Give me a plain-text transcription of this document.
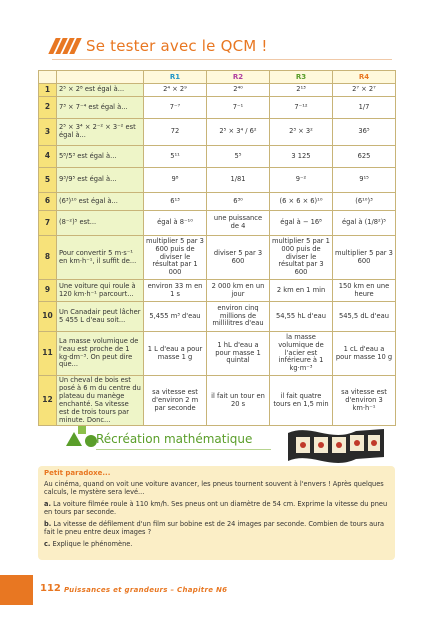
Se tester avec le QCM !
		R1	R2	R3	R4
1	2⁵ × 2⁸ est égal à...	2⁴ × 2⁹	2⁴⁰	2¹³	2⁷ × 2⁷
2	7³ × 7⁻⁴ est égal à...	7⁻⁷	7⁻¹	7⁻¹²	1/7
3	2⁵ × 3⁴ × 2⁻² × 3⁻² est égal à...	72	2⁵ × 3⁴ / 6²	2³ × 3²	36⁵
4	5⁸/5³ est égal à...	5¹¹	5⁵	3 125	625
5	9³/9⁵ est égal à...	9⁸	1/81	9⁻²	9¹⁵
6	(6³)¹⁰ est égal à...	6¹³	6³⁰	(6 × 6 × 6)¹⁰	(6¹⁰)³
7	(8⁻²)⁵ est...	égal à 8⁻¹⁰	une puissance de 4	égal à − 16⁸	égal à (1/8²)⁵
8	Pour convertir 5 m·s⁻¹ en km·h⁻¹, il suffit de...	multiplier 5 par 3 600 puis de diviser le résultat par 1 000	diviser 5 par 3 600	multiplier 5 par 1 000 puis de diviser le résultat par 3 600	multiplier 5 par 3 600
9	Une voiture qui roule à 120 km·h⁻¹ parcourt...	environ 33 m en 1 s	2 000 km en un jour	2 km en 1 min	150 km en une heure
10	Un Canadair peut lâcher 5 455 L d'eau soit...	5,455 m³ d'eau	environ cinq millions de millilitres d'eau	54,55 hL d'eau	545,5 dL d'eau
11	La masse volumique de l'eau est proche de 1 kg·dm⁻³. On peut dire que...	1 L d'eau a pour masse 1 g	1 hL d'eau a pour masse 1 quintal	la masse volumique de l'acier est inférieure à 1 kg·m⁻³	1 cL d'eau a pour masse 10 g
12	Un cheval de bois est posé à 6 m du centre du plateau du manège enchanté. Sa vitesse est de trois tours par minute. Donc...	sa vitesse est d'environ 2 m par seconde	il fait un tour en 20 s	il fait quatre tours en 1,5 min	sa vitesse est d'environ 3 km·h⁻¹
Récréation mathématique
Petit paradoxe...

Au cinéma, quand on voit une voiture avancer, les pneus tournent souvent à l'envers ! Après quelques calculs, le mystère sera levé...

a. La voiture filmée roule à 110 km/h. Ses pneus ont un diamètre de 54 cm. Exprime la vitesse du pneu en tours par seconde.

b. La vitesse de défilement d'un film sur bobine est de 24 images par seconde. Combien de tours aura fait le pneu entre deux images ?

c. Explique le phénomène.

112 Puissances et grandeurs – Chapitre N6
